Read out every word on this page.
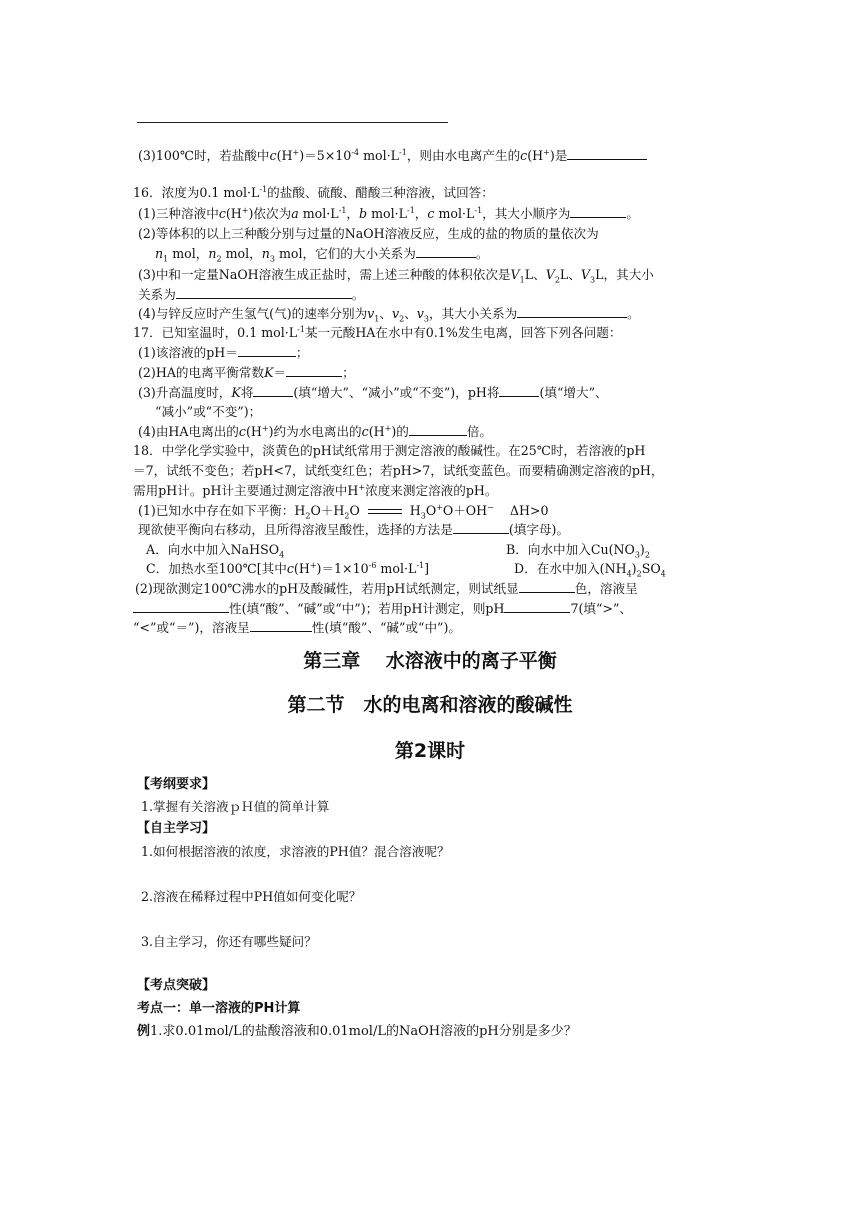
(3)100℃时，若盐酸中$c(H^+)=5\times 10^{-4}$ $mol\cdot L^{-1}$，则由水电离产生的c(H+)是
16．浓度为0.1 $mol\cdot L^{-1}$的盐酸、硫酸、醋酸三种溶液，试回答：
(1)三种溶液中c(H+)依次为a $mol\cdot L^{-1}$，b $mol\cdot L^{-1}$，c $mol\cdot L^{-1}$，其大小顺序为	。
(2)等体积的以上三种酸分别与过量的NaOH溶液反应，生成的盐的物质的量依次为
$n_1$ mol，$n_2$ mol，$n_3$ mol，它们的大小关系为	。
(3)中和一定量NaOH溶液生成正盐时，需上述三种酸的体积依次是$V_1L$、$V_2L$、$V_3L$，其大小
关系为	。
(4)与锌反应时产生氢气(气)的速率分别为$v_1$、$v_2$、$v_3$，其大小关系为	。
17．已知室温时，0.1 $mol\cdot L^{-1}$某一元酸HA在水中有0.1%发生电离，回答下列各问题：
(1)该溶液的pH＝	；
(2)HA的电离平衡常数K＝	；
(3)升高温度时，K将	(填“增大”、“减小”或“不变”)，pH将	(填“增大”、
“减小”或“不变”)；
(4)由HA电离出的c(H+)约为水电离出的c(H+)的	倍。
18．中学化学实验中，淡黄色的pH试纸常用于测定溶液的酸碱性。在25℃时，若溶液的pH
＝7，试纸不变色；若pH<7，试纸变红色；若pH>7，试纸变蓝色。而要精确测定溶液的pH，
需用pH计。pH计主要通过测定溶液中H+浓度来测定溶液的pH。
(1)已知水中存在如下平衡：$H_2O+H_2O$	$H_3O^+O+OH^-$ ΔH>0
现欲使平衡向右移动，且所得溶液呈酸性，选择的方法是	(填字母)。
A．向水中加入NaHSO$_4$	B．向水中加入$Cu(NO_3)_2$
C．加热水至100℃[其中$c(H^+)=1\times 10^{-6}$ $mol\cdot L^{-1}$]	D．在水中加入$(NH_4)_2SO_4$
(2)现欲测定100℃沸水的pH及酸碱性，若用pH试纸测定，则试纸显	色，溶液呈
性(填“酸”、“碱”或“中”)；若用pH计测定，则pH	7(填“>”、
“<”或“＝”)，溶液呈	性(填“酸”、“碱”或“中”)。
第三章　 水溶液中的离子平衡
第二节　水的电离和溶液的酸碱性
第2课时
【考纲要求】
1.掌握有关溶液ｐＨ值的简单计算
【自主学习】
1.如何根据溶液的浓度，求溶液的PH值？混合溶液呢？
2.溶液在稀释过程中PH值如何变化呢？
3.自主学习，你还有哪些疑问？
【考点突破】
考点一：单一溶液的PH计算
例1.求0.01mol/L的盐酸溶液和0.01mol/L的NaOH溶液的pH分别是多少？
